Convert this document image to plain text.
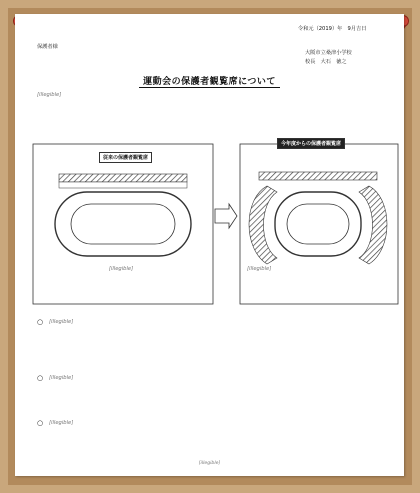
令和元（2019）年　9月吉日
保護者様
大阪市立桑津小学校
校長　大石　徳之
運動会の保護者観覧席について
[illegible]
従来の保護者観覧席
今年度からの保護者観覧席
[illegible]	[illegible]
○ [illegible]
○ [illegible]
○ [illegible]
[illegible]
